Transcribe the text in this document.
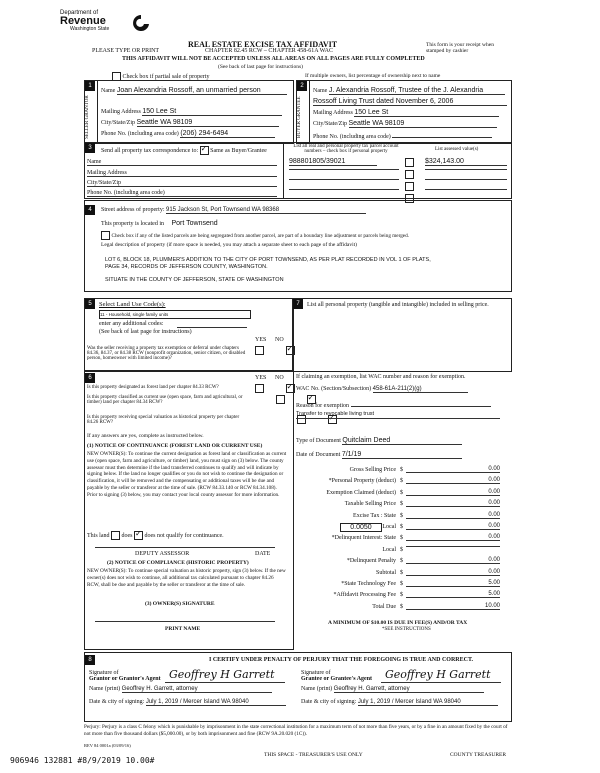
Department of
Revenue
Washington State
REAL ESTATE EXCISE TAX AFFIDAVIT
CHAPTER 82.45 RCW – CHAPTER 458-61A WAC
THIS AFFIDAVIT WILL NOT BE ACCEPTED UNLESS ALL AREAS ON ALL PAGES ARE FULLY COMPLETED
(See back of last page for instructions)
PLEASE TYPE OR PRINT
This form is your receipt when stamped by cashier
Check box if partial sale of property	If multiple owners, list percentage of ownership next to name
1
SELLER GRANTOR
Name Joan Alexandria Rossoff, an unmarried person
Mailing Address 150 Lee St
City/State/Zip Seattle WA 98109
Phone No. (including area code) (206) 294-6494
2
BUYER GRANTEE
Name J. Alexandria Rossoff, Trustee of the J. Alexandria
Rossoff Living Trust dated November 6, 2006
Mailing Address 150 Lee St
City/State/Zip Seattle WA 98109
Phone No. (including area code)
3	Send all property tax correspondence to: ✓ Same as Buyer/Grantee
Name
Mailing Address
City/State/Zip
Phone No. (including area code)
List all real and personal property tax parcel account numbers – check box if personal property	List assessed value(s)
988801805/39021	$324,143.00
4	Street address of property: 915 Jackson St, Port Townsend WA 98368
This property is located in Port Townsend
Check box if any of the listed parcels are being segregated from another parcel, are part of a boundary line adjustment or parcels being merged.
Legal description of property (if more space is needed, you may attach a separate sheet to each page of the affidavit)
LOT 6, BLOCK 18, PLUMMER'S ADDITION TO THE CITY OF PORT TOWNSEND, AS PER PLAT RECORDED IN VOL 1 OF PLATS,
PAGE 34, RECORDS OF JEFFERSON COUNTY, WASHINGTON.
SITUATE IN THE COUNTY OF JEFFERSON, STATE OF WASHINGTON
5	Select Land Use Code(s):
11 - Household, single family units
enter any additional codes:
(See back of last page for instructions)
YES NO
Was the seller receiving a property tax exemption or deferral under chapters 84.36, 84.37, or 84.38 RCW (nonprofit organization, senior citizen, or disabled person, homeowner with limited income)?
✓
6	YES NO
Is this property designated as forest land per chapter 84.33 RCW?
✓
Is this property classified as current use (open space, farm and agricultural, or timber) land per chapter 84.34 RCW?
✓
Is this property receiving special valuation as historical property per chapter 84.26 RCW?
✓
If any answers are yes, complete as instructed below.
(1) NOTICE OF CONTINUANCE (FOREST LAND OR CURRENT USE)
NEW OWNER(S): To continue the current designation as forest land or classification as current use (open space, farm and agriculture, or timber) land, you must sign on (3) below. The county assessor must then determine if the land transferred continues to qualify and will indicate by signing below. If the land no longer qualifies or you do not wish to continue the designation or classification, it will be removed and the compensating or additional taxes will be due and payable by the seller or transferor at the time of sale. (RCW 84.33.140 or RCW 84.34.108). Prior to signing (3) below, you may contact your local county assessor for more information.
This land does ✓ does not qualify for continuance.
DEPUTY ASSESSOR	DATE
(2) NOTICE OF COMPLIANCE (HISTORIC PROPERTY)
NEW OWNER(S): To continue special valuation as historic property, sign (3) below. If the new owner(s) does not wish to continue, all additional tax calculated pursuant to chapter 84.26 RCW, shall be due and payable by the seller or transferor at the time of sale.
(3) OWNER(S) SIGNATURE
PRINT NAME
7	List all personal property (tangible and intangible) included in selling price.
If claiming an exemption, list WAC number and reason for exemption.
WAC No. (Section/Subsection) 458-61A-211(2)(g)
Reason for exemption
Transfer to revocable living trust
Type of Document Quitclaim Deed
Date of Document 7/1/19
Gross Selling Price $	0.00
*Personal Property (deduct) $	0.00
Exemption Claimed (deduct) $	0.00
Taxable Selling Price $	0.00
Excise Tax : State $	0.00
Local $	0.00
*Delinquent Interest: State $	0.00
Local $
*Delinquent Penalty $	0.00
Subtotal $	0.00
*State Technology Fee $	5.00
*Affidavit Processing Fee $	5.00
Total Due $	10.00
0.0050
A MINIMUM OF $10.00 IS DUE IN FEE(S) AND/OR TAX
*SEE INSTRUCTIONS
8	I CERTIFY UNDER PENALTY OF PERJURY THAT THE FOREGOING IS TRUE AND CORRECT.
Signature of
Grantor or Grantor's Agent Geoffrey H Garrett
Name (print) Geoffrey H. Garrett, attorney
Date & city of signing: July 1, 2019 / Mercer Island WA 98040
Signature of
Grantee or Grantee's Agent	Geoffrey H Garrett
Name (print) Geoffrey H. Garrett, attorney
Date & city of signing: July 1, 2019 / Mercer Island WA 98040
Perjury: Perjury is a class C felony which is punishable by imprisonment in the state correctional institution for a maximum term of not more than five years, or by a fine in an amount fixed by the court of not more than five thousand dollars ($5,000.00), or by both imprisonment and fine (RCW 9A.20.020 (1C)).
REV 84 0001a (03/09/16)
THIS SPACE - TREASURER'S USE ONLY	COUNTY TREASURER
906946 132881 #8/9/2019 10.00#
